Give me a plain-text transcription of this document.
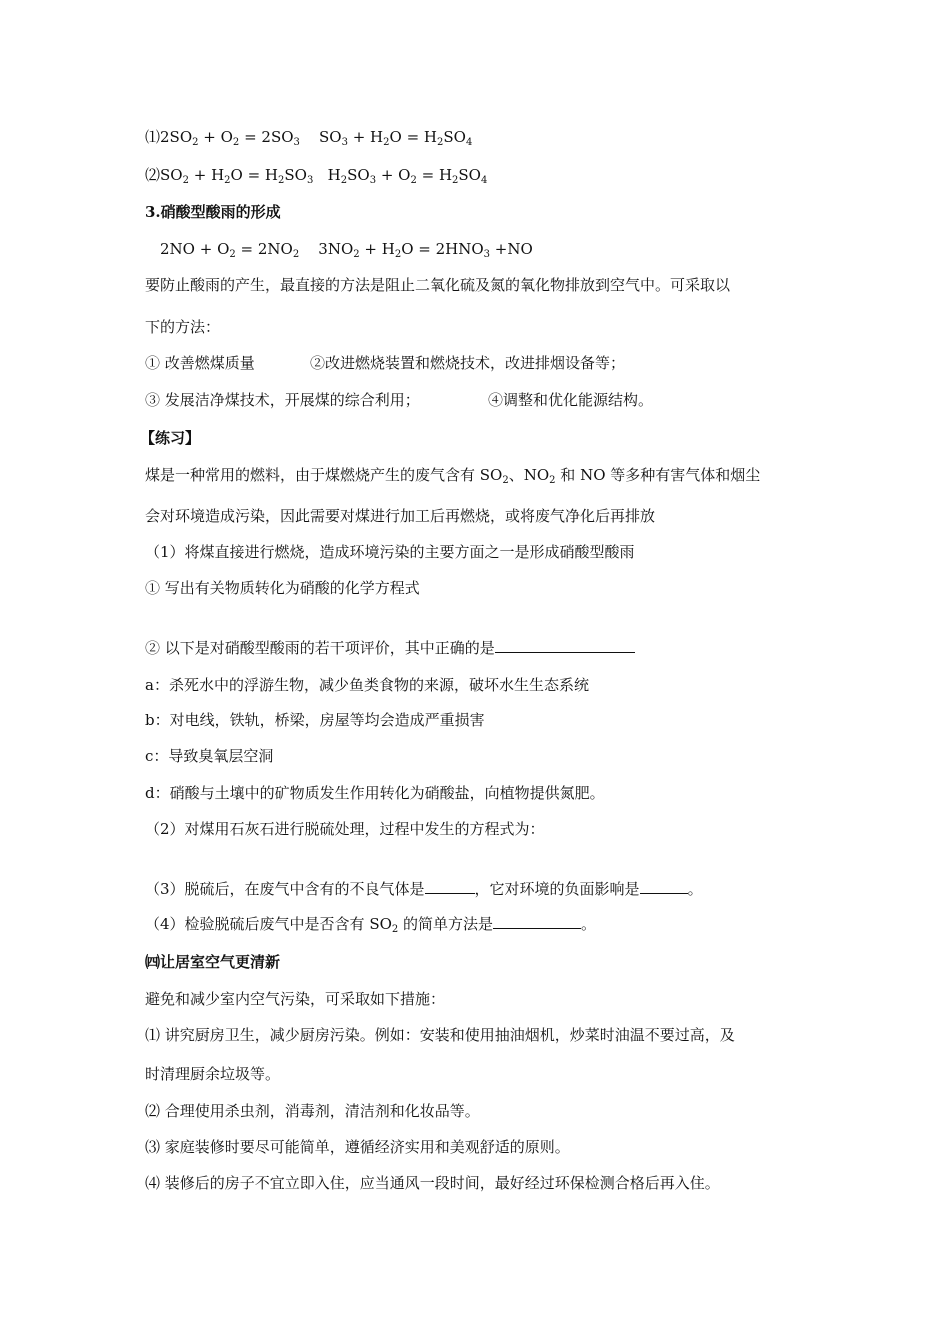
$⑴2SO_2 + O_2 = 2SO_3$    $SO_3 + H_2O = H_2SO_4$
$⑵SO_2 + H_2O = H_2SO_3$   $H_2SO_3 + O_2 = H_2SO_4$
3.硝酸型酸雨的形成
$2NO + O_2 = 2NO_2$    $3NO_2 + H_2O = 2HNO_3 +NO$
要防止酸雨的产生，最直接的方法是阻止二氧化硫及氮的氧化物排放到空气中。可采取以
下的方法：
① 改善燃煤质量	②改进燃烧装置和燃烧技术，改进排烟设备等；
③ 发展洁净煤技术，开展煤的综合利用；	④调整和优化能源结构。
【练习】
煤是一种常用的燃料，由于煤燃烧产生的废气含有 $SO_2$、$NO_2$ 和 NO 等多种有害气体和烟尘
会对环境造成污染，因此需要对煤进行加工后再燃烧，或将废气净化后再排放
（1）将煤直接进行燃烧，造成环境污染的主要方面之一是形成硝酸型酸雨
① 写出有关物质转化为硝酸的化学方程式
② 以下是对硝酸型酸雨的若干项评价，其中正确的是
a：杀死水中的浮游生物，减少鱼类食物的来源，破坏水生生态系统
b：对电线，铁轨，桥梁，房屋等均会造成严重损害
c：导致臭氧层空洞
d：硝酸与土壤中的矿物质发生作用转化为硝酸盐，向植物提供氮肥。
（2）对煤用石灰石进行脱硫处理，过程中发生的方程式为：
（3）脱硫后，在废气中含有的不良气体是	，它对环境的负面影响是	。
（4）检验脱硫后废气中是否含有 $SO_2$ 的简单方法是	。
㈣让居室空气更清新
避免和减少室内空气污染，可采取如下措施：
⑴ 讲究厨房卫生，减少厨房污染。例如：安装和使用抽油烟机，炒菜时油温不要过高，及
时清理厨余垃圾等。
⑵ 合理使用杀虫剂，消毒剂，清洁剂和化妆品等。
⑶ 家庭装修时要尽可能简单，遵循经济实用和美观舒适的原则。
⑷ 装修后的房子不宜立即入住，应当通风一段时间，最好经过环保检测合格后再入住。
